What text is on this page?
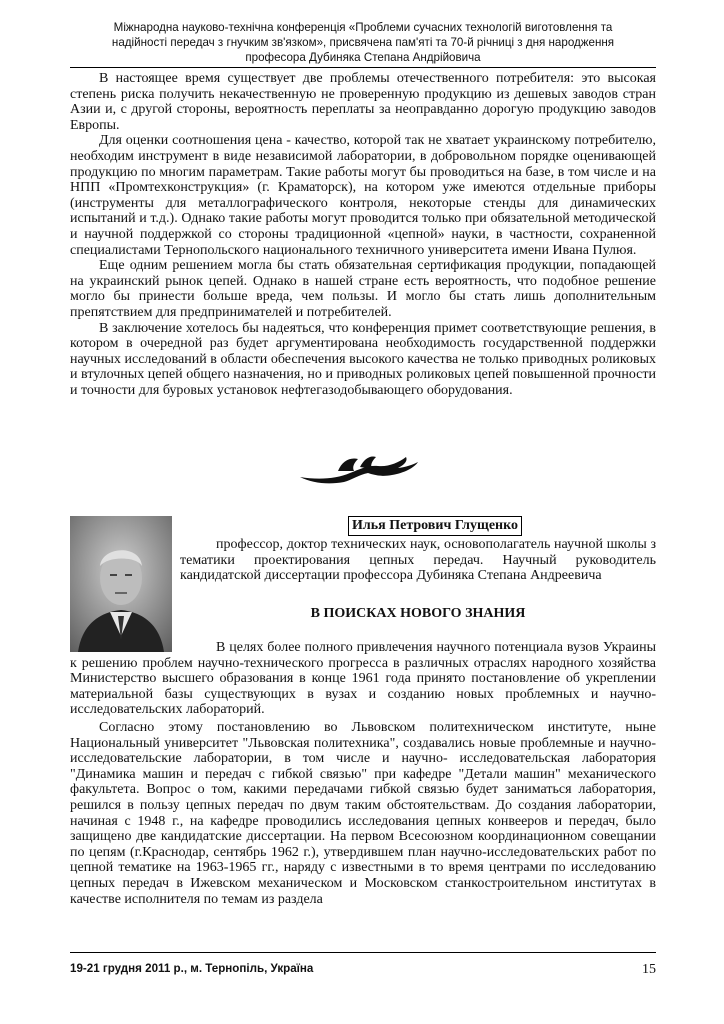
Міжнародна науково-технічна конференція «Проблеми сучасних технологій виготовлення та
надійності передач з гнучким зв'язком», присвячена пам'яті та 70-й річниці з дня народження
професора Дубиняка Степана Андрійовича

В настоящее время существует две проблемы отечественного потребителя: это высокая степень риска получить некачественную не проверенную продукцию из дешевых заводов стран Азии и, с другой стороны, вероятность переплаты за неоправданно дорогую продукцию заводов Европы.

Для оценки соотношения цена - качество, которой так не хватает украинскому потребителю, необходим инструмент в виде независимой лаборатории, в добровольном порядке оценивающей продукцию по многим параметрам. Такие работы могут бы проводиться на базе, в том числе и на НПП «Промтехконструкция» (г. Краматорск), на котором уже имеются отдельные приборы (инструменты для металлографического контроля, некоторые стенды для динамических испытаний и т.д.). Однако такие работы могут проводится только при обязательной методической и научной поддержкой со стороны традиционной «цепной» науки, в частности, сохраненной специалистами Тернопольского национального техничного университета имени Ивана Пулюя.

Еще одним решением могла бы стать обязательная сертификация продукции, попадающей на украинский рынок цепей. Однако в нашей стране есть вероятность, что подобное решение могло бы принести больше вреда, чем пользы. И могло бы стать лишь дополнительным препятствием для предпринимателей и потребителей.

В заключение хотелось бы надеяться, что конференция примет соответствующие решения, в котором в очередной раз будет аргументирована необходимость государственной поддержки научных исследований в области обеспечения высокого качества не только приводных роликовых и втулочных цепей общего назначения, но и приводных роликовых цепей повышенной прочности и точности для буровых установок нефтегазодобывающего оборудования.

Илья Петрович Глущенко

профессор, доктор технических наук, основополагатель научной школы з тематики проектирования цепных передач. Научный руководитель кандидатской диссертации профессора Дубиняка Степана Андреевича

В ПОИСКАХ НОВОГО ЗНАНИЯ

В целях более полного привлечения научного потенциала вузов Украины к решению проблем научно-технического прогресса в различных отраслях народного хозяйства Министерство высшего образования в конце 1961 года принято постановление об укреплении материальной базы существующих в вузах и созданию новых проблемных и научно-исследовательских лабораторий.

Согласно этому постановлению во Львовском политехническом институте, ныне Национальный университет "Львовская политехника", создавались новые проблемные и научно-исследовательские лаборатории, в том числе и научно- исследовательская лаборатория "Динамика машин и передач с гибкой связью" при кафедре "Детали машин" механического факультета. Вопрос о том, какими передачами гибкой связью будет заниматься лаборатория, решился в пользу цепных передач по двум таким обстоятельствам. До создания лаборатории, начиная с 1948 г., на кафедре проводились исследования цепных конвееров и передач, было защищено две кандидатские диссертации. На первом Всесоюзном координационном совещании по цепям (г.Краснодар, сентябрь 1962 г.), утвердившем план научно-исследовательских работ по цепной тематике на 1963-1965 гг., наряду с известными в то время центрами по исследованию цепных передач в Ижевском механическом и Московском станкостроительном институтах в качестве исполнителя по темам из раздела

19-21 грудня 2011 р., м. Тернопіль, Україна	15
